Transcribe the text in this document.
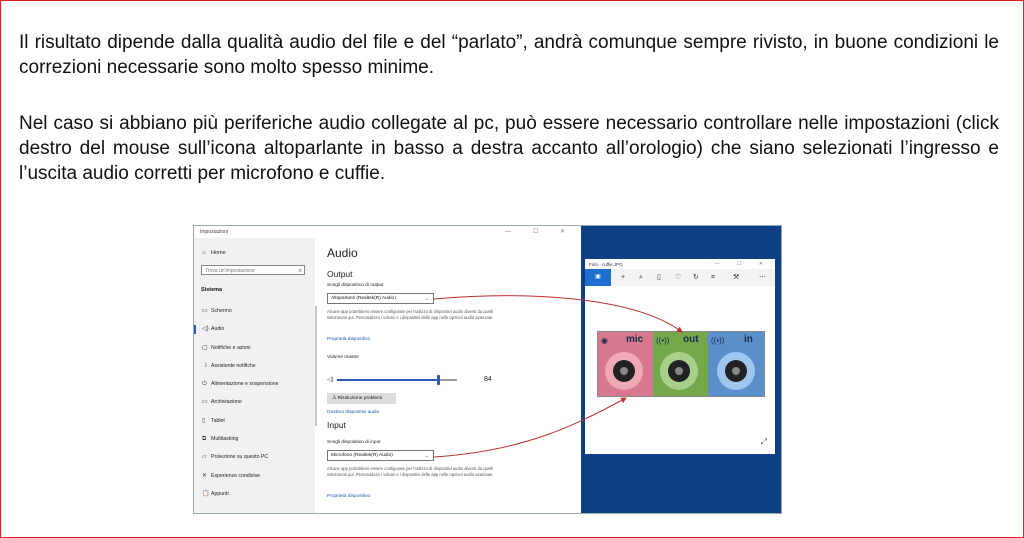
Il risultato dipende dalla qualità audio del file e del “parlato”, andrà comunque sempre rivisto, in buone condizioni le correzioni necessarie sono molto spesso minime.

Nel caso si abbiano più periferiche audio collegate al pc, può essere necessario controllare nelle impostazioni (click destro del mouse sull’icona altoparlante in basso a destra accanto all’orologio) che siano selezionati l’ingresso e l’uscita audio corretti per microfono e cuffie.

Impostazioni	— ☐ ✕
⌂ Home
Trova un'impostazione	⌕
Sistema
▭ Schermo
◁) Audio
▢ Notifiche e azioni
☽ Assistente notifiche
⏻ Alimentazione e sospensione
▭ Archiviazione
▯ Tablet
⧉ Multitasking
▱ Proiezione su questo PC
✕ Esperienze condivise
📋 Appunti
Audio
Output
Scegli dispositivo di output
Altoparlanti (Realtek(R) Audio)	⌄
Alcune app potrebbero essere configurate per l'utilizzo di dispositivi audio diversi da quelli selezionati qui. Personalizza i volumi e i dispositivi delle app nelle opzioni audio avanzate.
Proprietà dispositivo
Volume master
◁)	84
⚠ Risoluzione problemi
Gestisci dispositivi audio
Input
Scegli dispositivo di input
Microfono (Realtek(R) Audio)	⌄
Alcune app potrebbero essere configurate per l'utilizzo di dispositivi audio diversi da quelli selezionati qui. Personalizza i volumi e i dispositivi delle app nelle opzioni audio avanzate.
Proprietà dispositivo
Foto - cuffie.JPG	— ☐ ✕
▣	+ ⌕ ▯ ♡ ↻ ⌗	⚒	⋯
◉ mic ((•)) out ((•)) in
⤢
